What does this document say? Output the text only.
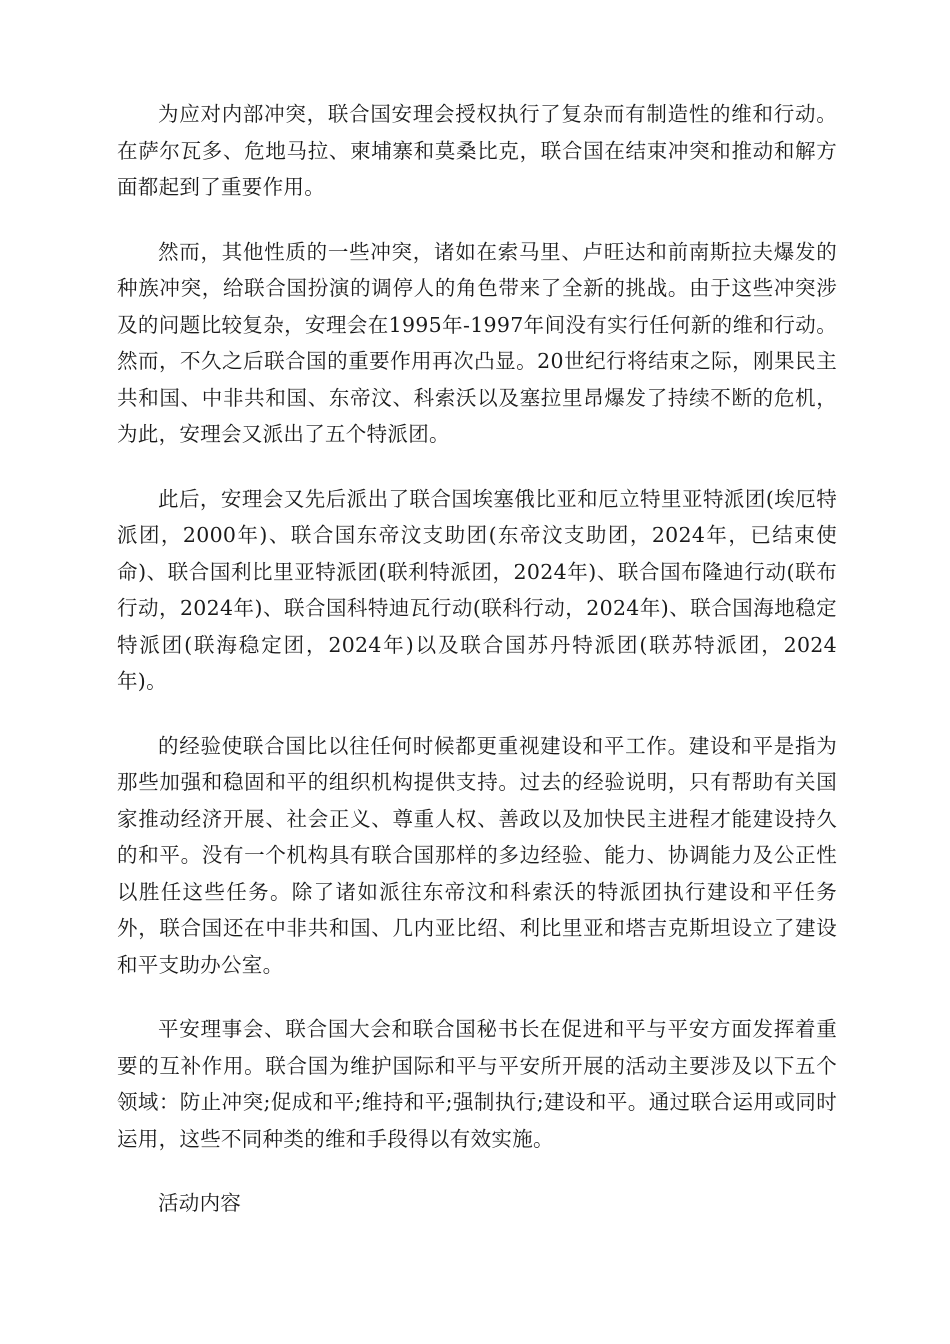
为应对内部冲突，联合国安理会授权执行了复杂而有制造性的维和行动。在萨尔瓦多、危地马拉、柬埔寨和莫桑比克，联合国在结束冲突和推动和解方面都起到了重要作用。

然而，其他性质的一些冲突，诸如在索马里、卢旺达和前南斯拉夫爆发的种族冲突，给联合国扮演的调停人的角色带来了全新的挑战。由于这些冲突涉及的问题比较复杂，安理会在1995年-1997年间没有实行任何新的维和行动。然而，不久之后联合国的重要作用再次凸显。20世纪行将结束之际，刚果民主共和国、中非共和国、东帝汶、科索沃以及塞拉里昂爆发了持续不断的危机，为此，安理会又派出了五个特派团。

此后，安理会又先后派出了联合国埃塞俄比亚和厄立特里亚特派团(埃厄特派团，2000年)、联合国东帝汶支助团(东帝汶支助团，2024年，已结束使命)、联合国利比里亚特派团(联利特派团，2024年)、联合国布隆迪行动(联布行动，2024年)、联合国科特迪瓦行动(联科行动，2024年)、联合国海地稳定特派团(联海稳定团，2024年)以及联合国苏丹特派团(联苏特派团，2024年)。

的经验使联合国比以往任何时候都更重视建设和平工作。建设和平是指为那些加强和稳固和平的组织机构提供支持。过去的经验说明，只有帮助有关国家推动经济开展、社会正义、尊重人权、善政以及加快民主进程才能建设持久的和平。没有一个机构具有联合国那样的多边经验、能力、协调能力及公正性以胜任这些任务。除了诸如派往东帝汶和科索沃的特派团执行建设和平任务外，联合国还在中非共和国、几内亚比绍、利比里亚和塔吉克斯坦设立了建设和平支助办公室。

平安理事会、联合国大会和联合国秘书长在促进和平与平安方面发挥着重要的互补作用。联合国为维护国际和平与平安所开展的活动主要涉及以下五个领域：防止冲突;促成和平;维持和平;强制执行;建设和平。通过联合运用或同时运用，这些不同种类的维和手段得以有效实施。

活动内容
